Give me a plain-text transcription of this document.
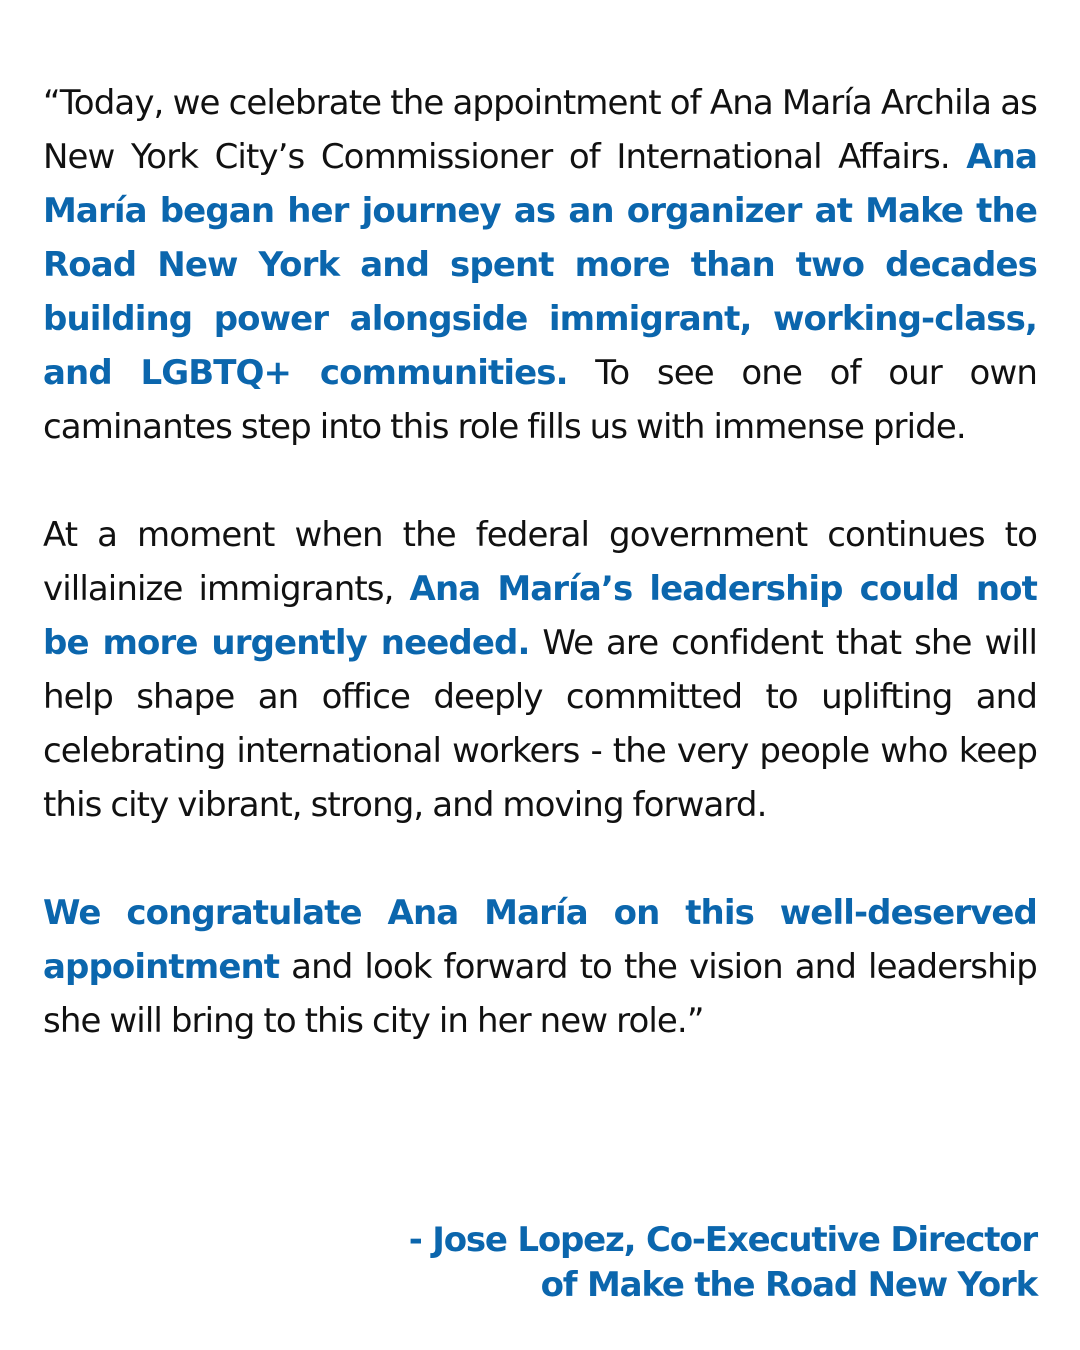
“Today, we celebrate the appointment of Ana María Archila as New York City’s Commissioner of International Affairs. Ana María began her journey as an organizer at Make the Road New York and spent more than two decades building power alongside immigrant, working-class, and LGBTQ+ communities. To see one of our own caminantes step into this role fills us with immense pride.

At a moment when the federal government continues to villainize immigrants, Ana María’s leadership could not be more urgently needed. We are confident that she will help shape an office deeply committed to uplifting and celebrating international workers - the very people who keep this city vibrant, strong, and moving forward.

We congratulate Ana María on this well-deserved appointment and look forward to the vision and leadership she will bring to this city in her new role.”

- Jose Lopez, Co-Executive Director
of Make the Road New York
